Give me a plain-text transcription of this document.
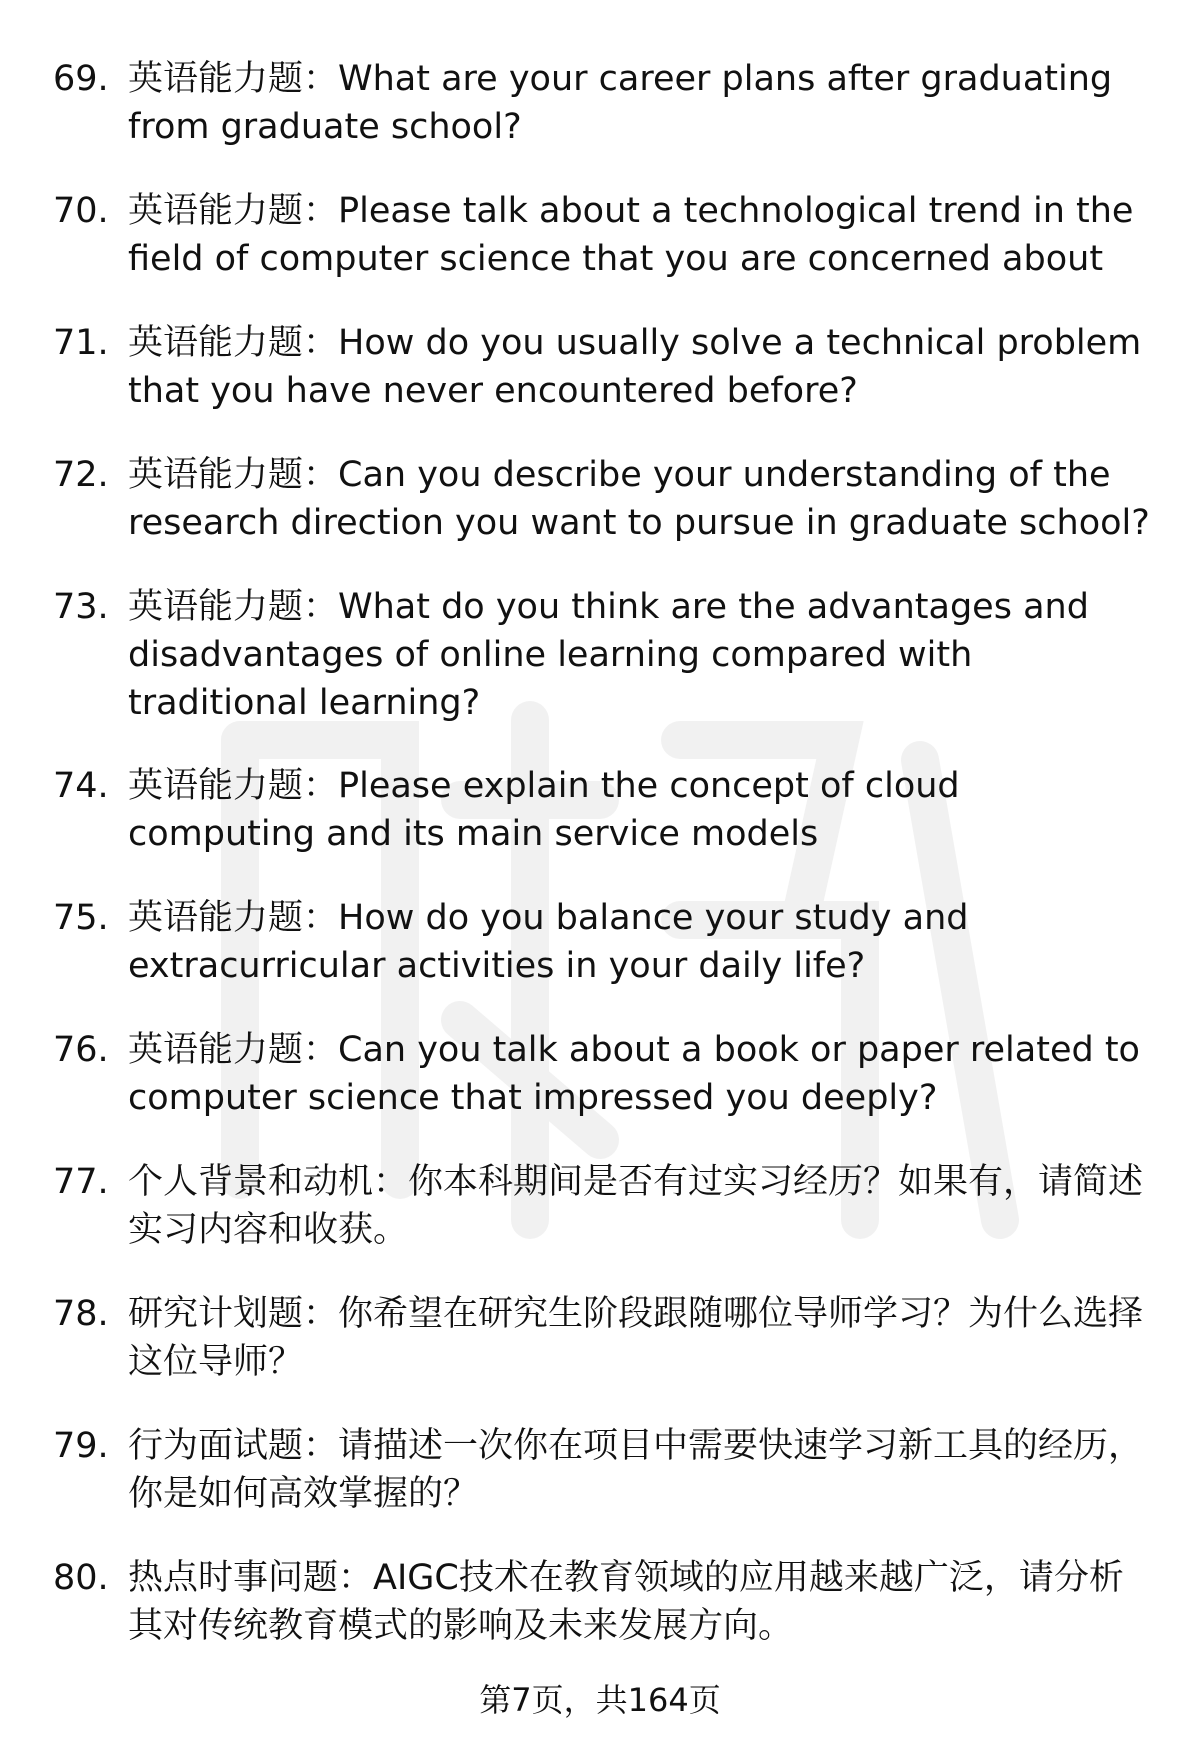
69. 英语能力题：What are your career plans after graduating from graduate school?
70. 英语能力题：Please talk about a technological trend in the field of computer science that you are concerned about
71. 英语能力题：How do you usually solve a technical problem that you have never encountered before?
72. 英语能力题：Can you describe your understanding of the research direction you want to pursue in graduate school?
73. 英语能力题：What do you think are the advantages and disadvantages of online learning compared with traditional learning?
74. 英语能力题：Please explain the concept of cloud computing and its main service models
75. 英语能力题：How do you balance your study and extracurricular activities in your daily life?
76. 英语能力题：Can you talk about a book or paper related to computer science that impressed you deeply?
77. 个人背景和动机：你本科期间是否有过实习经历？如果有，请简述实习内容和收获。
78. 研究计划题：你希望在研究生阶段跟随哪位导师学习？为什么选择这位导师？
79. 行为面试题：请描述一次你在项目中需要快速学习新工具的经历，你是如何高效掌握的？
80. 热点时事问题：AIGC技术在教育领域的应用越来越广泛，请分析其对传统教育模式的影响及未来发展方向。
第7页，共164页
